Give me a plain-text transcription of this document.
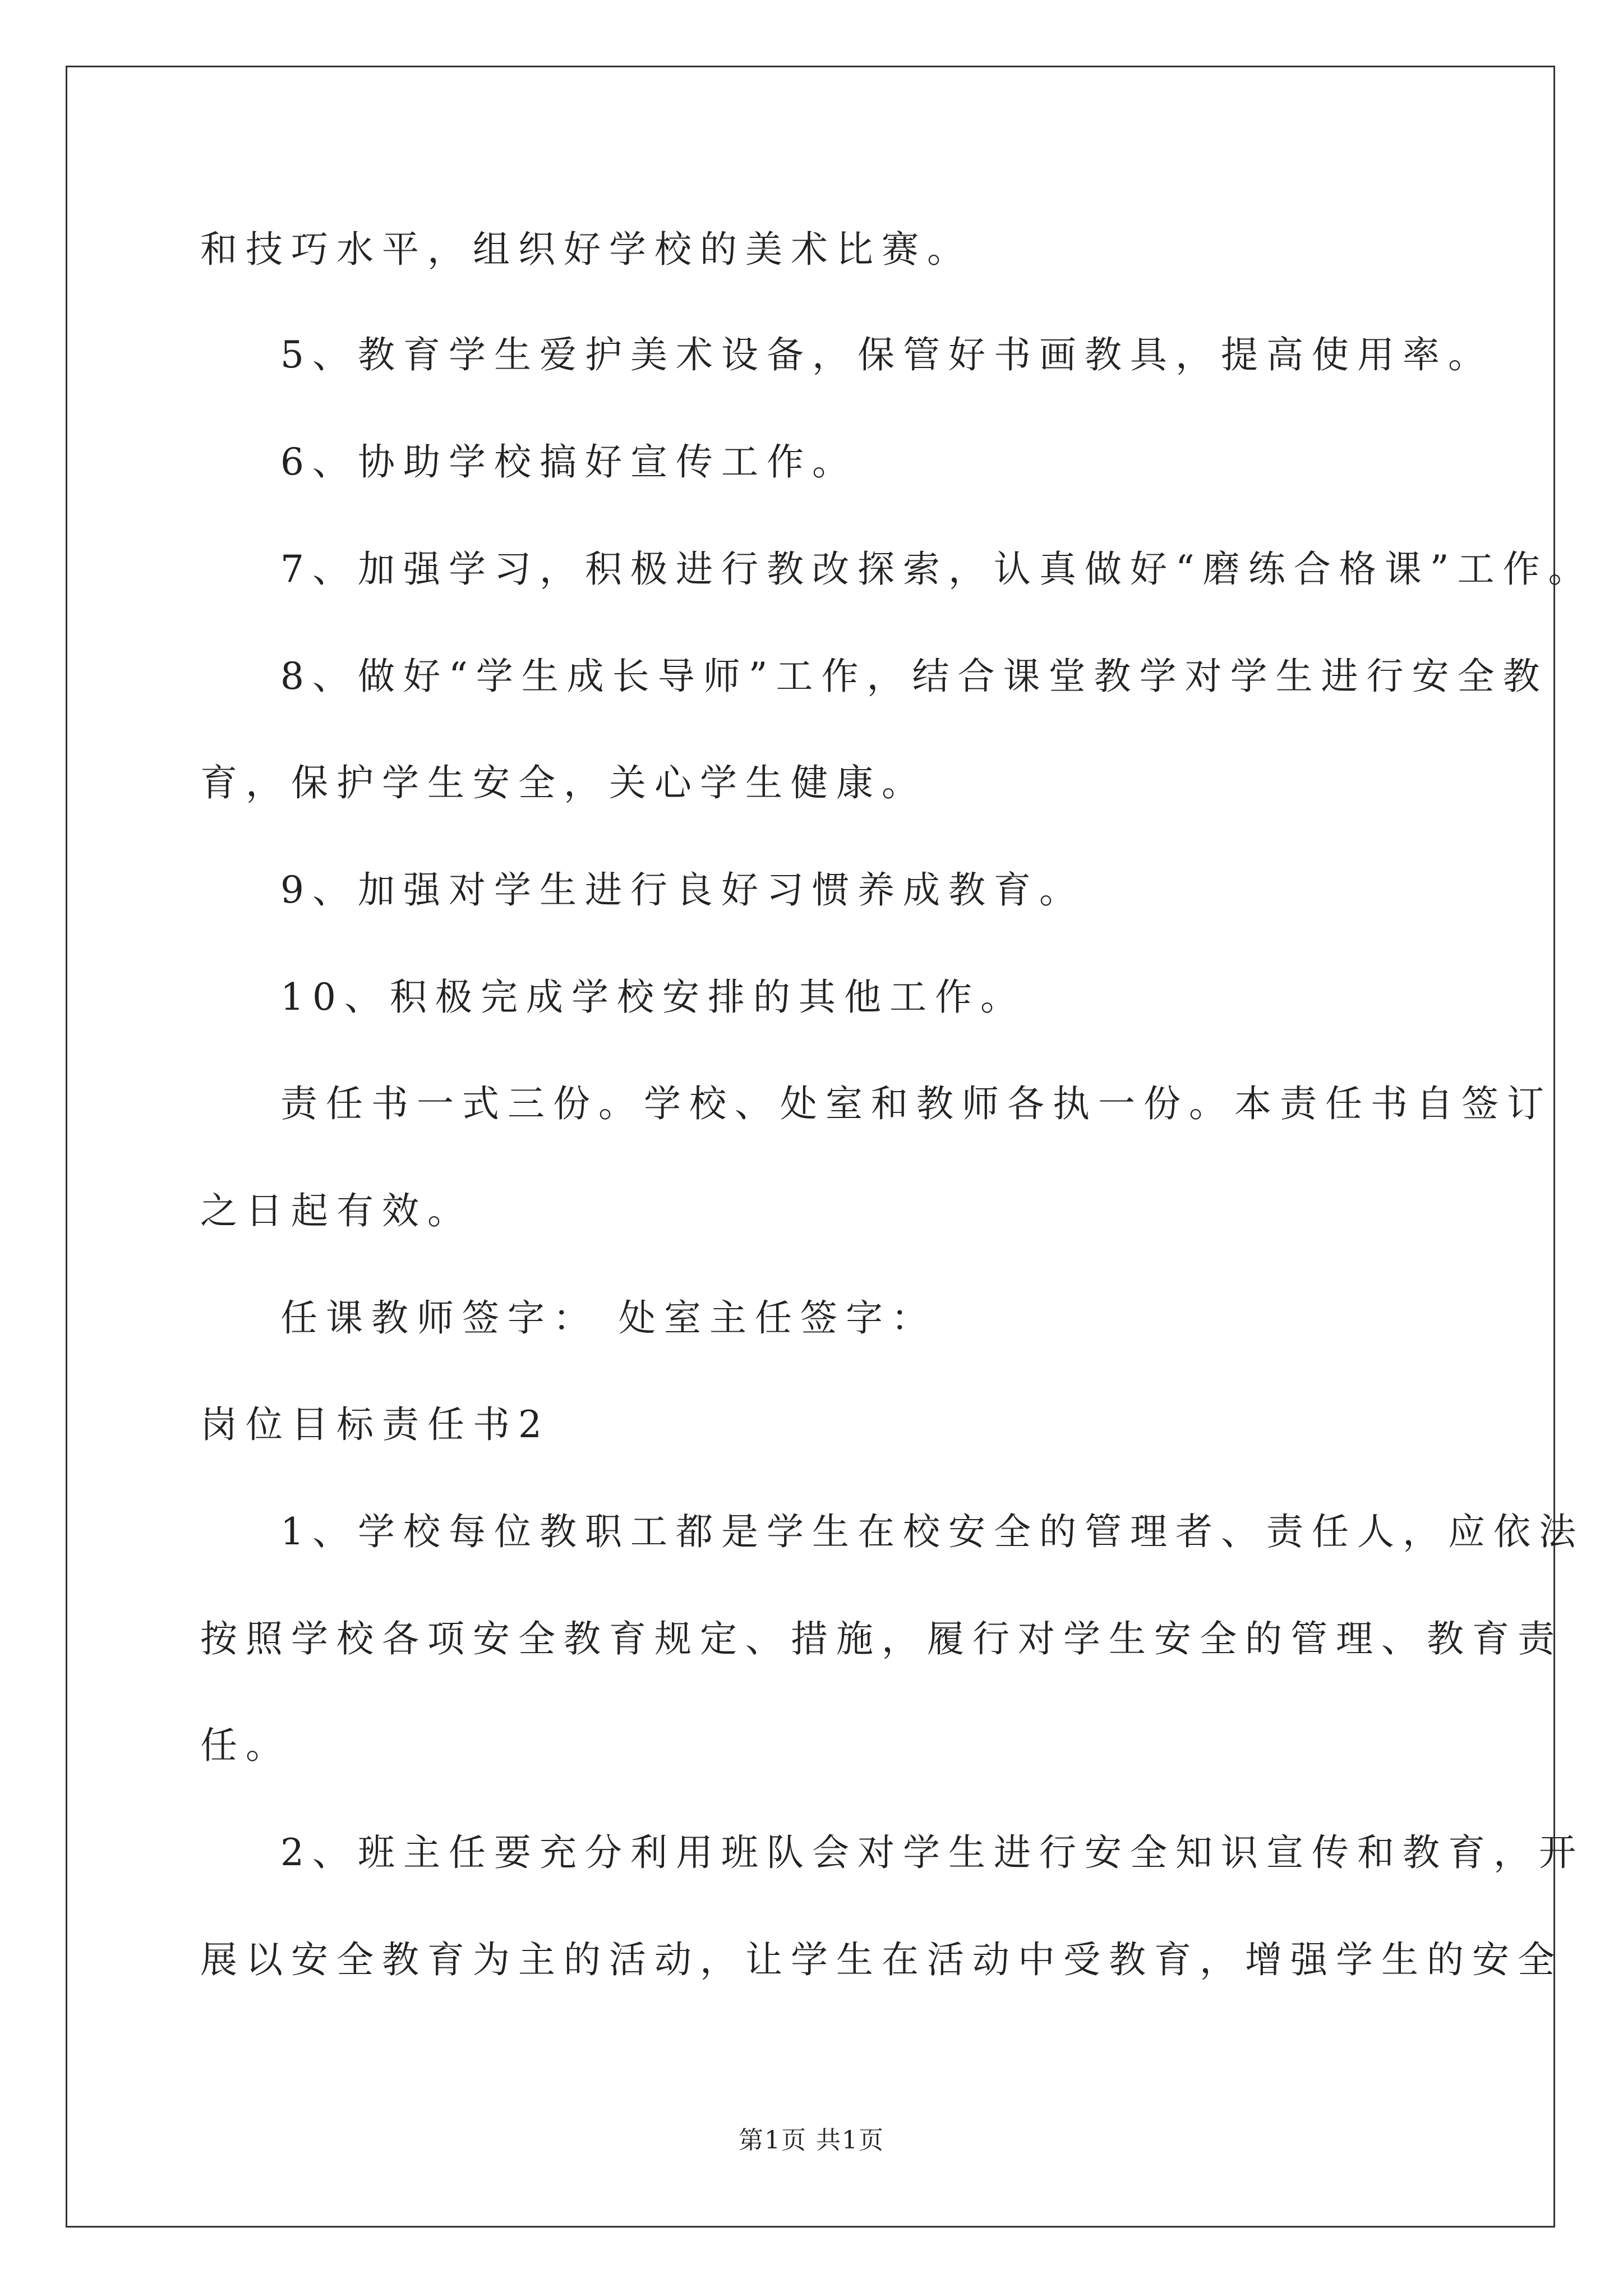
和技巧水平，组织好学校的美术比赛。

5、教育学生爱护美术设备，保管好书画教具，提高使用率。

6、协助学校搞好宣传工作。

7、加强学习，积极进行教改探索，认真做好“磨练合格课”工作。

8、做好“学生成长导师”工作，结合课堂教学对学生进行安全教

育，保护学生安全，关心学生健康。

9、加强对学生进行良好习惯养成教育。

10、积极完成学校安排的其他工作。

责任书一式三份。学校、处室和教师各执一份。本责任书自签订

之日起有效。

任课教师签字： 处室主任签字：

岗位目标责任书2

1、学校每位教职工都是学生在校安全的管理者、责任人，应依法

按照学校各项安全教育规定、措施，履行对学生安全的管理、教育责

任。

2、班主任要充分利用班队会对学生进行安全知识宣传和教育，开

展以安全教育为主的活动，让学生在活动中受教育，增强学生的安全

第1页 共1页
